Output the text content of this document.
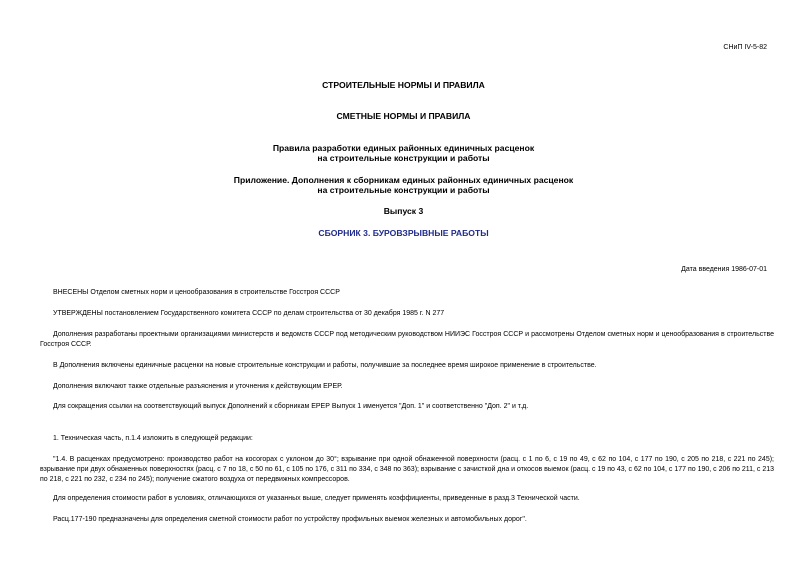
СНиП IV-5-82
СТРОИТЕЛЬНЫЕ НОРМЫ И ПРАВИЛА
СМЕТНЫЕ НОРМЫ И ПРАВИЛА
Правила разработки единых районных единичных расценок
на строительные конструкции и работы
Приложение. Дополнения к сборникам единых районных единичных расценок
на строительные конструкции и работы
Выпуск 3
СБОРНИК 3. БУРОВЗРЫВНЫЕ РАБОТЫ
Дата введения 1986-07-01

ВНЕСЕНЫ Отделом сметных норм и ценообразования в строительстве Госстроя СССР

УТВЕРЖДЕНЫ постановлением Государственного комитета СССР по делам строительства от 30 декабря 1985 г. N 277

Дополнения разработаны проектными организациями министерств и ведомств СССР под методическим руководством НИИЭС Госстроя СССР и рассмотрены Отделом сметных норм и ценообразования в строительстве Госстроя СССР.

В Дополнения включены единичные расценки на новые строительные конструкции и работы, получившие за последнее время широкое применение в строительстве.

Дополнения включают также отдельные разъяснения и уточнения к действующим ЕРЕР.

Для сокращения ссылки на соответствующий выпуск Дополнений к сборникам ЕРЕР Выпуск 1 именуется "Доп. 1" и соответственно "Доп. 2" и т.д.

1. Техническая часть, п.1.4 изложить в следующей редакции:

"1.4. В расценках предусмотрено: производство работ на косогорах с уклоном до 30°; взрывание при одной обнаженной поверхности (расц. с 1 по 6, с 19 по 49, с 62 по 104, с 177 по 190, с 205 по 218, с 221 по 245); взрывание при двух обнаженных поверхностях (расц. с 7 по 18, с 50 по 61, с 105 по 176, с 311 по 334, с 348 по 363); взрывание с зачисткой дна и откосов выемок (расц. с 19 по 43, с 62 по 104, с 177 по 190, с 206 по 211, с 213 по 218, с 221 по 232, с 234 по 245); получение сжатого воздуха от передвижных компрессоров.

Для определения стоимости работ в условиях, отличающихся от указанных выше, следует применять коэффициенты, приведенные в разд.3 Технической части.

Расц.177-190 предназначены для определения сметной стоимости работ по устройству профильных выемок железных и автомобильных дорог".
